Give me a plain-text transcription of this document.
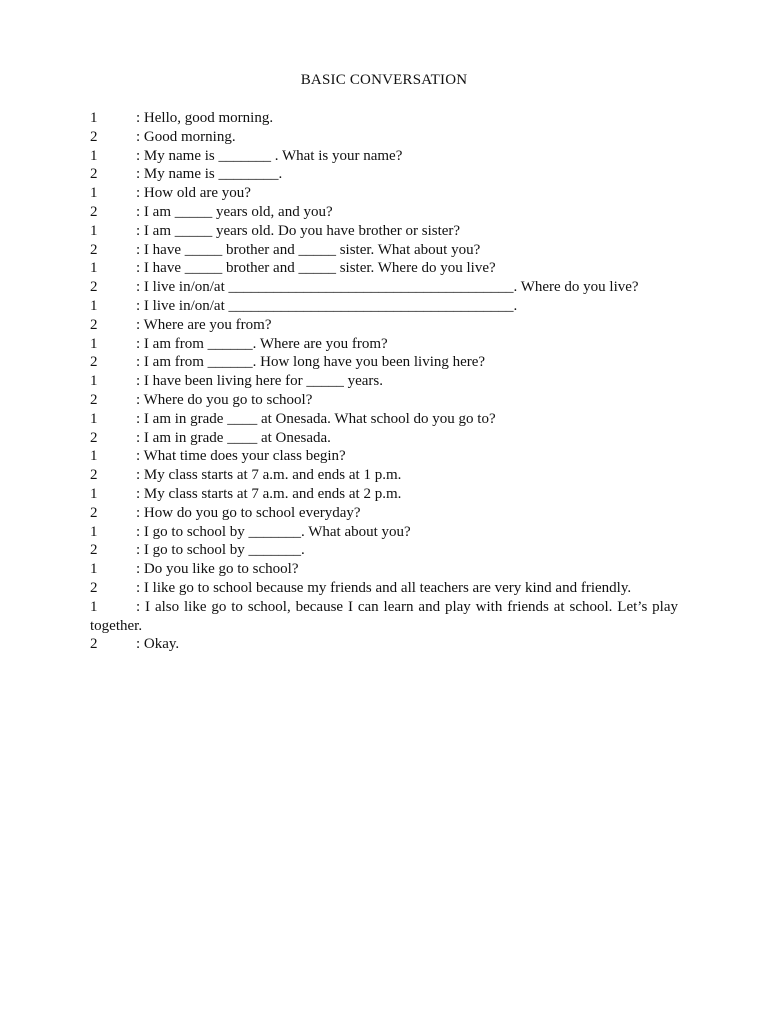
BASIC CONVERSATION
1	: Hello, good morning.
2	: Good morning.
1	: My name is _______ . What is your name?
2	: My name is ________.
1	: How old are you?
2	: I am _____ years old, and you?
1	: I am _____ years old. Do you have brother or sister?
2	: I have _____ brother and _____ sister. What about you?
1	: I have _____ brother and _____ sister. Where do you live?
2	: I live in/on/at ______________________________________. Where do you live?
1	: I live in/on/at ______________________________________.
2	: Where are you from?
1	: I am from ______. Where are you from?
2	: I am from ______. How long have you been living here?
1	: I have been living here for _____ years.
2	: Where do you go to school?
1	: I am in grade ____ at Onesada. What school do you go to?
2	: I am in grade ____ at Onesada.
1	: What time does your class begin?
2	: My class starts at 7 a.m. and ends at 1 p.m.
1	: My class starts at 7 a.m. and ends at 2 p.m.
2	: How do you go to school everyday?
1	: I go to school by _______. What about you?
2	: I go to school by _______.
1	: Do you like go to school?
2	: I like go to school because my friends and all teachers are very kind and friendly.
1	: I also like go to school, because I can learn and play with friends at school. Let’s play together.
2	: Okay.
